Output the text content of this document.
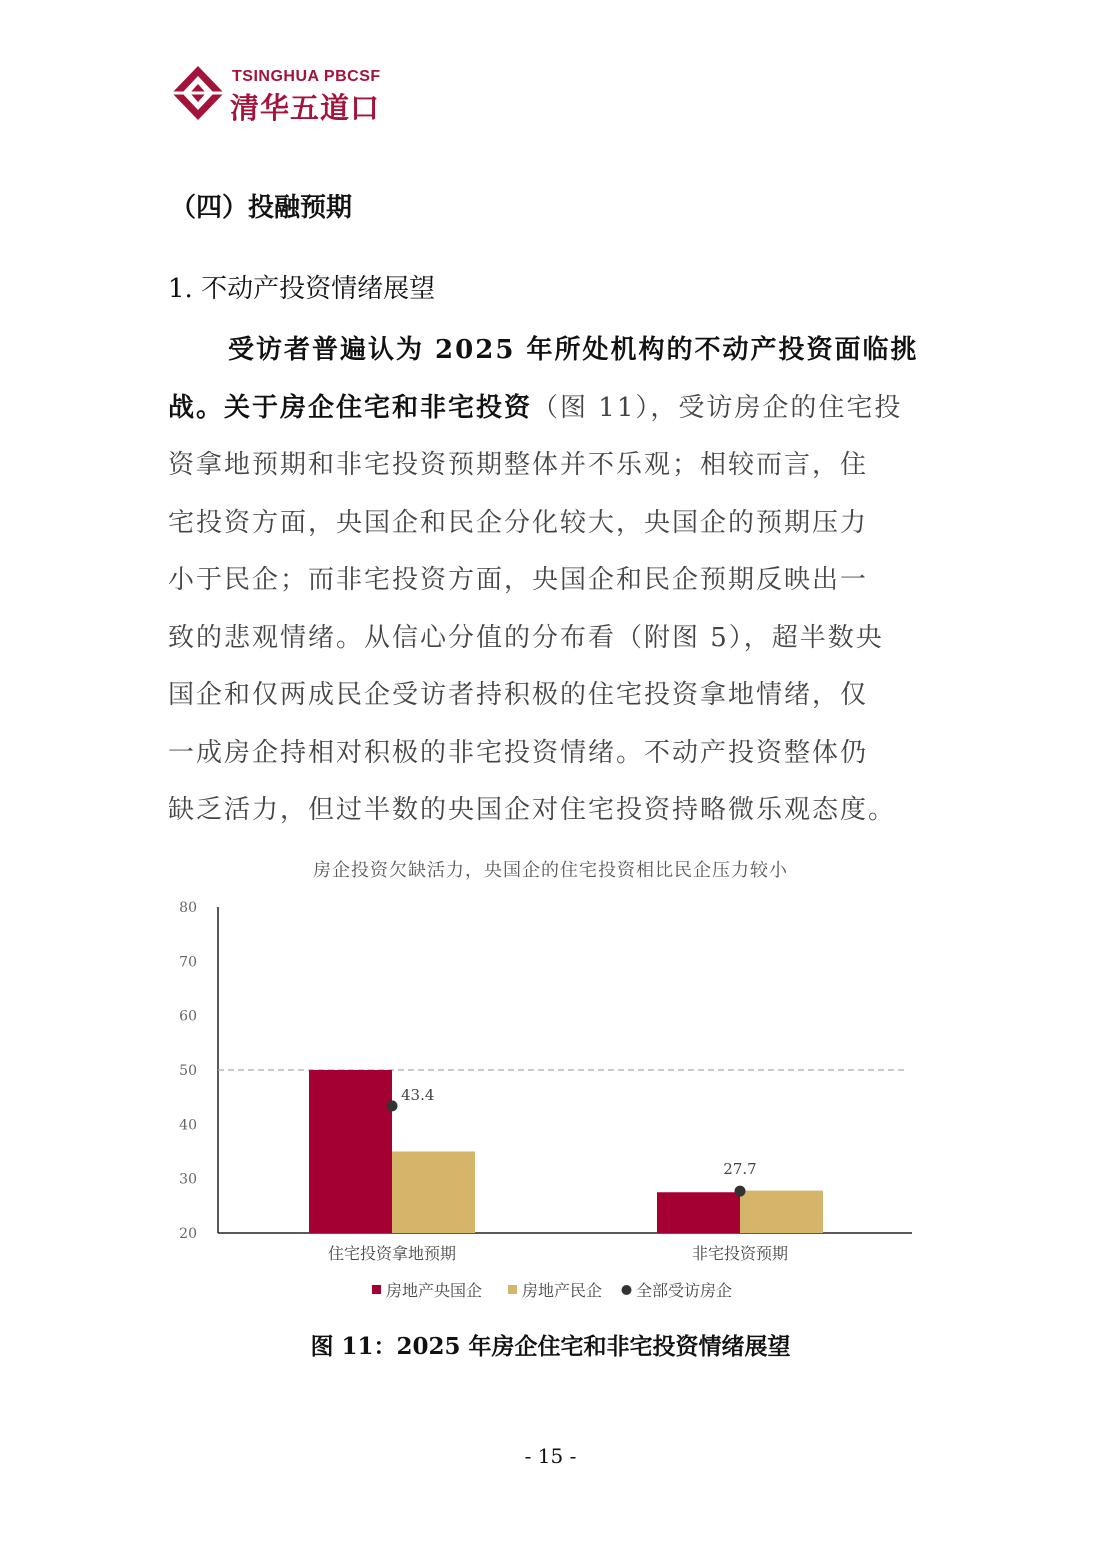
TSINGHUA PBCSF
清华五道口
（四）投融预期
1. 不动产投资情绪展望
受访者普遍认为 2025 年所处机构的不动产投资面临挑
战。关于房企住宅和非宅投资（图 11），受访房企的住宅投
资拿地预期和非宅投资预期整体并不乐观；相较而言，住
宅投资方面，央国企和民企分化较大，央国企的预期压力
小于民企；而非宅投资方面，央国企和民企预期反映出一
致的悲观情绪。从信心分值的分布看（附图 5），超半数央
国企和仅两成民企受访者持积极的住宅投资拿地情绪，仅
一成房企持相对积极的非宅投资情绪。不动产投资整体仍
缺乏活力，但过半数的央国企对住宅投资持略微乐观态度。
房企投资欠缺活力，央国企的住宅投资相比民企压力较小
20
30
40
50
60
70
80
43.4
27.7
住宅投资拿地预期	非宅投资预期
房地产央国企 房地产民企 全部受访房企
图 11：2025 年房企住宅和非宅投资情绪展望
- 15 -
